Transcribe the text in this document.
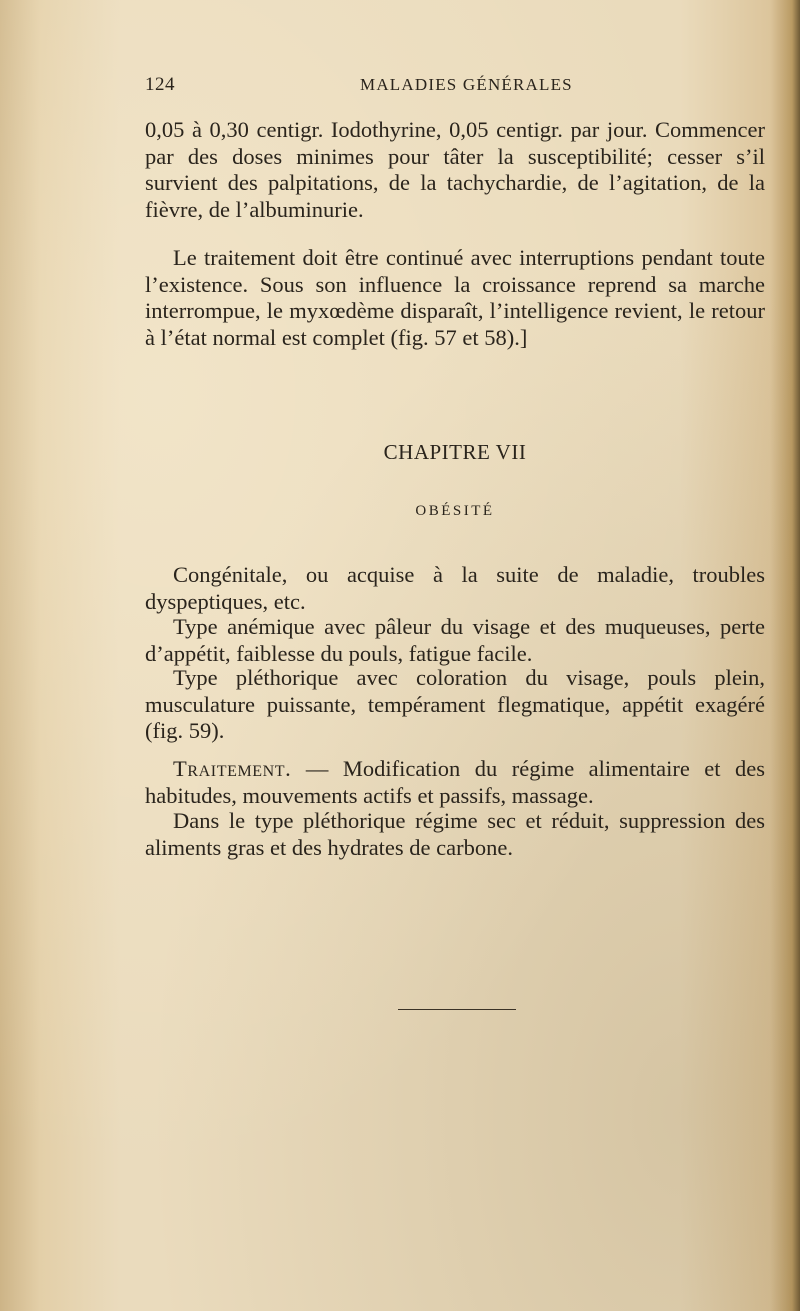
124	MALADIES GÉNÉRALES
0,05 à 0,30 centigr. Iodothyrine, 0,05 centigr. par jour. Commencer par des doses minimes pour tâter la susceptibilité; cesser s’il survient des palpitations, de la tachychardie, de l’agitation, de la fièvre, de l’albuminurie.
Le traitement doit être continué avec interruptions pendant toute l’existence. Sous son influence la croissance reprend sa marche interrompue, le myxœdème disparaît, l’intelligence revient, le retour à l’état normal est complet (fig. 57 et 58).]
CHAPITRE VII
OBÉSITÉ
Congénitale, ou acquise à la suite de maladie, troubles dyspeptiques, etc.
Type anémique avec pâleur du visage et des muqueuses, perte d’appétit, faiblesse du pouls, fatigue facile.
Type pléthorique avec coloration du visage, pouls plein, musculature puissante, tempérament flegmatique, appétit exagéré (fig. 59).
Traitement. — Modification du régime alimentaire et des habitudes, mouvements actifs et passifs, massage.
Dans le type pléthorique régime sec et réduit, suppression des aliments gras et des hydrates de carbone.
